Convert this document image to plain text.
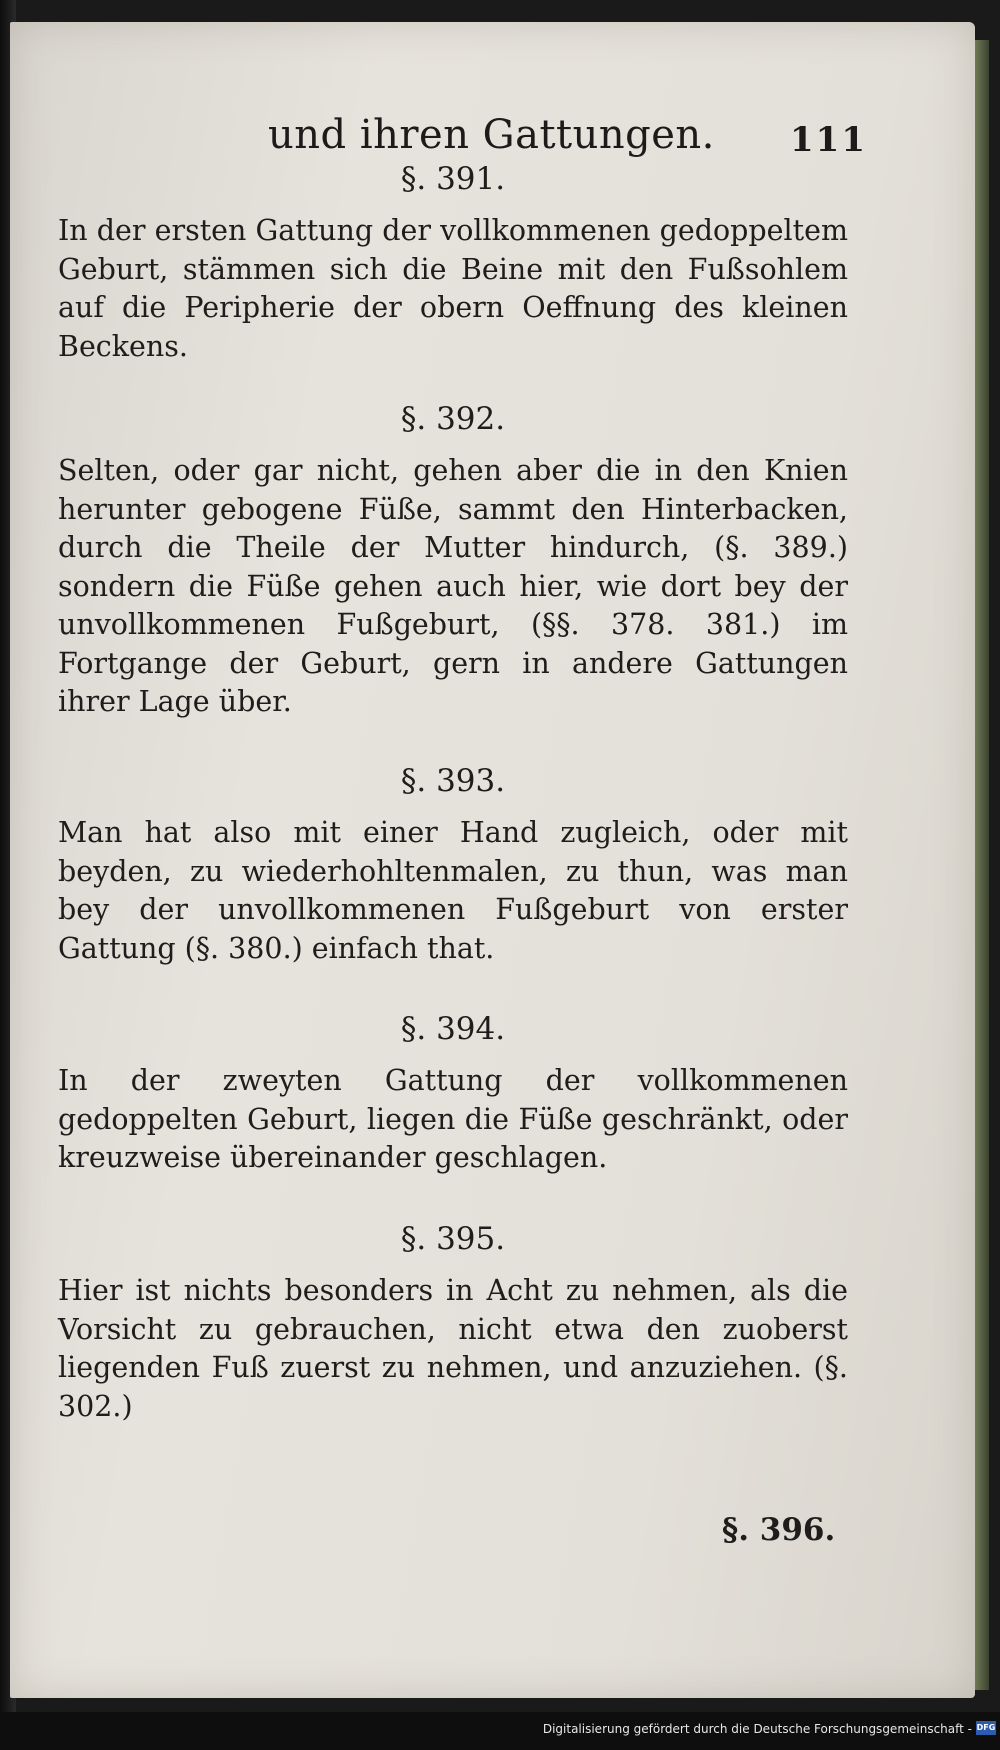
und ihren Gattungen. 111
§. 391.

In der ersten Gattung der vollkommenen gedoppeltem Geburt, stämmen sich die Beine mit den Fußsohlem auf die Peripherie der obern Oeffnung des kleinen Beckens.

§. 392.

Selten, oder gar nicht, gehen aber die in den Knien herunter gebogene Füße, sammt den Hinterbacken, durch die Theile der Mutter hindurch, (§. 389.) sondern die Füße gehen auch hier, wie dort bey der unvollkommenen Fußgeburt, (§§. 378. 381.) im Fortgange der Geburt, gern in andere Gattungen ihrer Lage über.

§. 393.

Man hat also mit einer Hand zugleich, oder mit beyden, zu wiederhohltenmalen, zu thun, was man bey der unvollkommenen Fußgeburt von erster Gattung (§. 380.) einfach that.

§. 394.

In der zweyten Gattung der vollkommenen gedoppelten Geburt, liegen die Füße geschränkt, oder kreuzweise übereinander geschlagen.

§. 395.

Hier ist nichts besonders in Acht zu nehmen, als die Vorsicht zu gebrauchen, nicht etwa den zuoberst liegenden Fuß zuerst zu nehmen, und anzuziehen. (§. 302.)

§. 396.
Digitalisierung gefördert durch die Deutsche Forschungsgemeinschaft - DFG
